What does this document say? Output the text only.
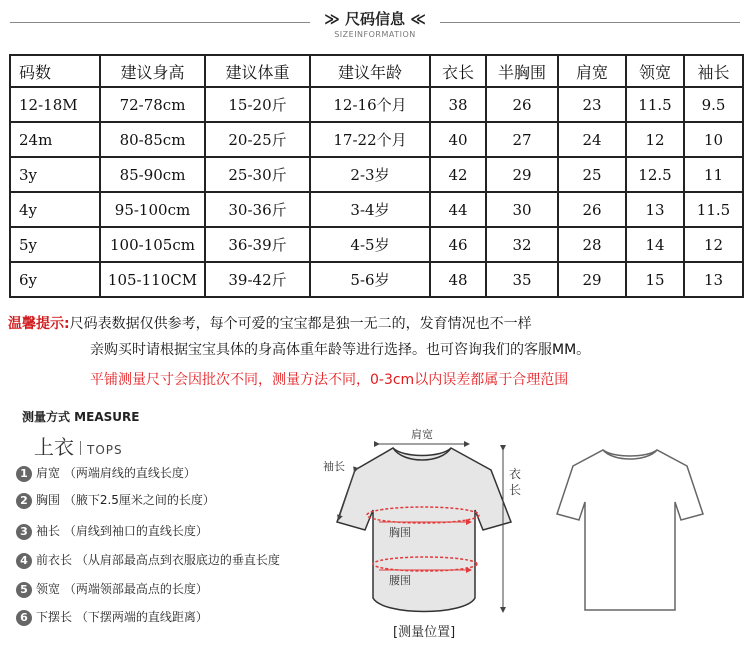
≫ 尺码信息 ≪
SIZEINFORMATION
码数	建议身高	建议体重	建议年龄	衣长	半胸围	肩宽	领宽	袖长
12-18M	72-78cm	15-20斤	12-16个月	38	26	23	11.5	9.5
24m	80-85cm	20-25斤	17-22个月	40	27	24	12	10
3y	85-90cm	25-30斤	2-3岁	42	29	25	12.5	11
4y	95-100cm	30-36斤	3-4岁	44	30	26	13	11.5
5y	100-105cm	36-39斤	4-5岁	46	32	28	14	12
6y	105-110CM	39-42斤	5-6岁	48	35	29	15	13
温馨提示:尺码表数据仅供参考，每个可爱的宝宝都是独一无二的，发育情况也不一样
亲购买时请根据宝宝具体的身高体重年龄等进行选择。也可咨询我们的客服MM。
平铺测量尺寸会因批次不同，测量方法不同，0-3cm以内误差都属于合理范围
测量方式 MEASURE
上衣 TOPS
1 肩宽 （两端肩线的直线长度）
2 胸围 （腋下2.5厘米之间的长度）
3 袖长 （肩线到袖口的直线长度）
4 前衣长 （从肩部最高点到衣服底边的垂直长度
5 领宽 （两端领部最高点的长度）
6 下摆长 （下摆两端的直线距离）
肩宽
袖长
衣
长
胸围
腰围
[测量位置]
